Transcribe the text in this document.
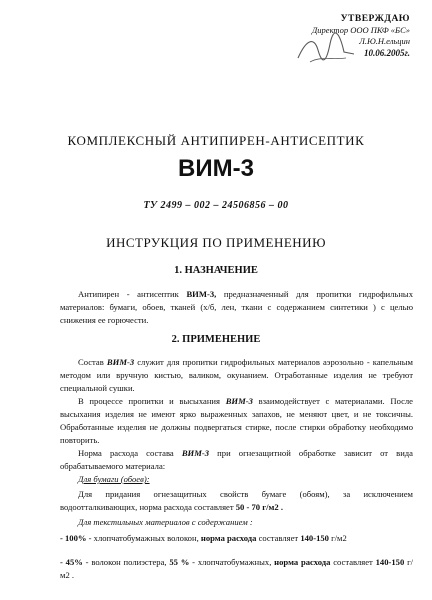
УТВЕРЖДАЮ
Директор ООО ПКФ «БС»
Л.Ю.Н.ельцин
10.06.2005г.
КОМПЛЕКСНЫЙ АНТИПИРЕН-АНТИСЕПТИК
ВИМ-3
ТУ 2499 – 002 – 24506856 – 00
ИНСТРУКЦИЯ ПО ПРИМЕНЕНИЮ
1. НАЗНАЧЕНИЕ
Антипирен - антисептик ВИМ-3, предназначенный для пропитки гидрофильных материалов: бумаги, обоев, тканей (х/б, лен, ткани с содержанием синтетики ) с целью снижения ее горючести.
2. ПРИМЕНЕНИЕ
Состав ВИМ-3 служит для пропитки гидрофильных материалов аэрозольно - капельным методом или вручную кистью, валиком, окунанием. Отработанные изделия не требуют специальной сушки.
В процессе пропитки и высыхания ВИМ-3 взаимодействует с материалами. После высыхания изделия не имеют ярко выраженных запахов, не меняют цвет, и не токсичны. Обработанные изделия не должны подвергаться стирке, после стирки обработку необходимо повторить.
Норма расхода состава ВИМ-3 при огнезащитной обработке зависит от вида обрабатываемого материала:
Для бумаги (обоев):
Для придания огнезащитных свойств бумаге (обоям), за исключением водоотталкивающих, норма расхода составляет 50 - 70 г/м2 .
Для текстильных материалов с содержанием :
- 100% - хлопчатобумажных волокон, норма расхода составляет 140-150 г/м2
- 45% - волокон полиэстера, 55 % - хлопчатобумажных, норма расхода составляет 140-150 г/м2 .
